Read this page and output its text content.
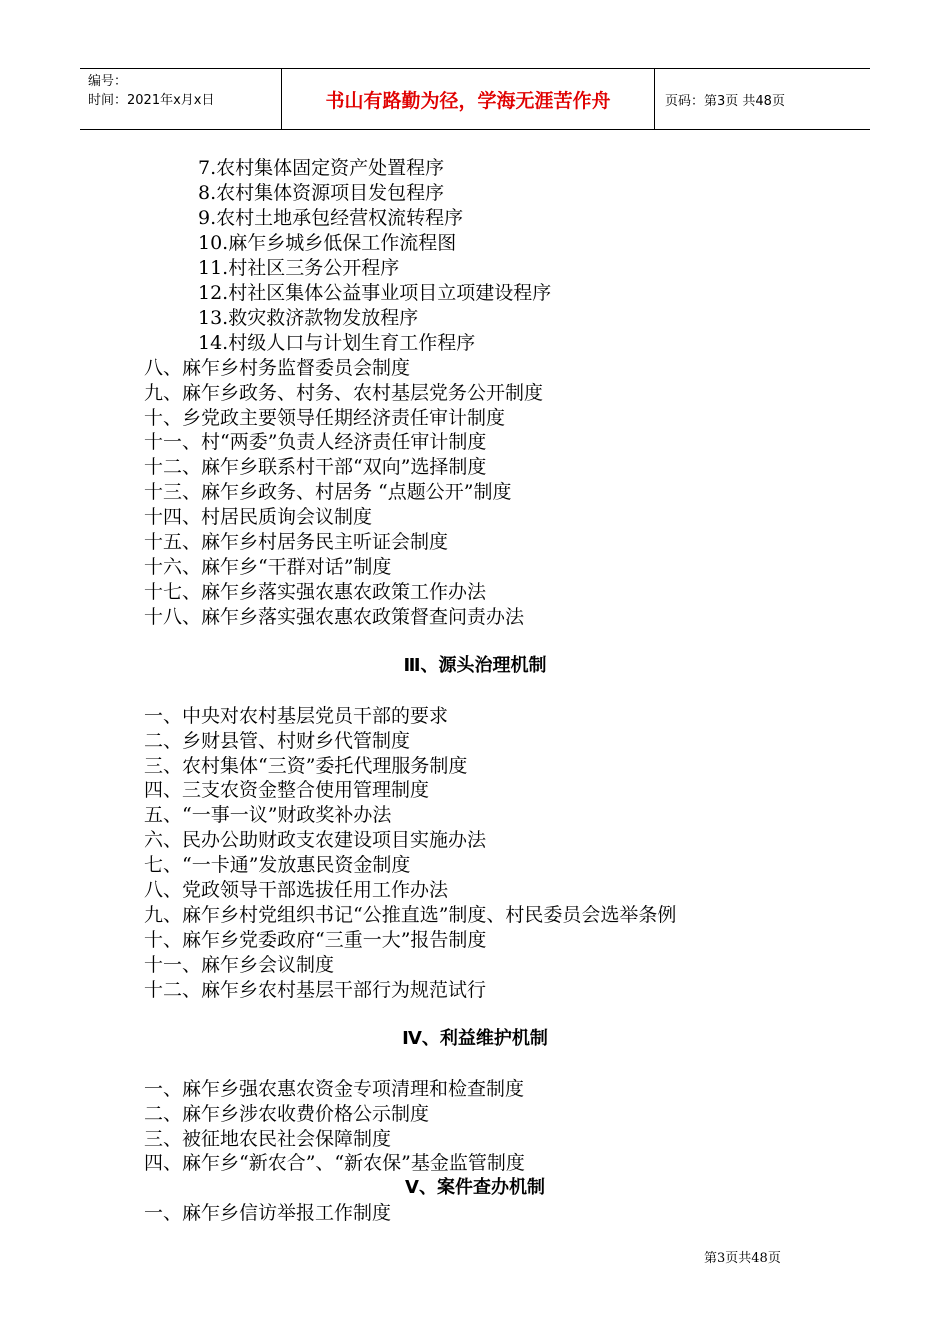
编号：
时间：2021年x月x日	书山有路勤为径，学海无涯苦作舟	页码：第3页 共48页
7.农村集体固定资产处置程序
8.农村集体资源项目发包程序
9.农村土地承包经营权流转程序
10.麻乍乡城乡低保工作流程图
11.村社区三务公开程序
12.村社区集体公益事业项目立项建设程序
13.救灾救济款物发放程序
14.村级人口与计划生育工作程序
八、麻乍乡村务监督委员会制度
九、麻乍乡政务、村务、农村基层党务公开制度
十、乡党政主要领导任期经济责任审计制度
十一、村“两委”负责人经济责任审计制度
十二、麻乍乡联系村干部“双向”选择制度
十三、麻乍乡政务、村居务 “点题公开”制度
十四、村居民质询会议制度
十五、麻乍乡村居务民主听证会制度
十六、麻乍乡“干群对话”制度
十七、麻乍乡落实强农惠农政策工作办法
十八、麻乍乡落实强农惠农政策督查问责办法
Ⅲ、源头治理机制
一、中央对农村基层党员干部的要求
二、乡财县管、村财乡代管制度
三、农村集体“三资”委托代理服务制度
四、三支农资金整合使用管理制度
五、“一事一议”财政奖补办法
六、民办公助财政支农建设项目实施办法
七、“一卡通”发放惠民资金制度
八、党政领导干部选拔任用工作办法
九、麻乍乡村党组织书记“公推直选”制度、村民委员会选举条例
十、麻乍乡党委政府“三重一大”报告制度
十一、麻乍乡会议制度
十二、麻乍乡农村基层干部行为规范试行
Ⅳ、利益维护机制
一、麻乍乡强农惠农资金专项清理和检查制度
二、麻乍乡涉农收费价格公示制度
三、被征地农民社会保障制度
四、麻乍乡“新农合”、“新农保”基金监管制度
Ⅴ、案件查办机制
一、麻乍乡信访举报工作制度
第3页共48页
